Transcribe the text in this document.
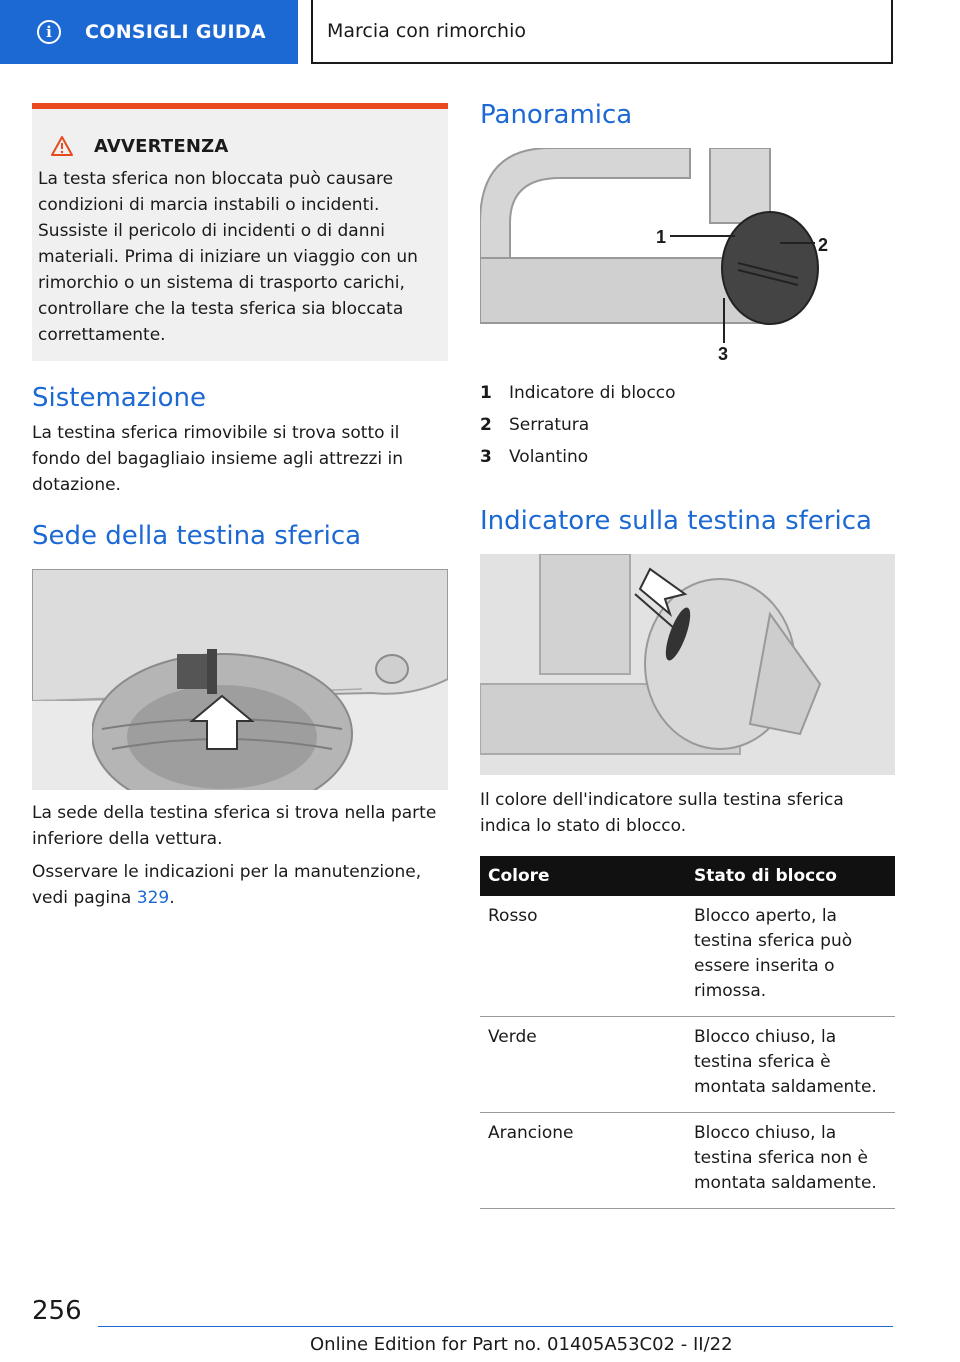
i	CONSIGLI GUIDA	Marcia con rimorchio
AVVERTENZA

La testa sferica non bloccata può causare condizioni di marcia instabili o incidenti. Sussiste il pericolo di incidenti o di danni materiali. Prima di iniziare un viaggio con un rimorchio o un sistema di trasporto carichi, controllare che la testa sferica sia bloccata correttamente.

Sistemazione

La testina sferica rimovibile si trova sotto il fondo del bagagliaio insieme agli attrezzi in dotazione.

Sede della testina sferica

La sede della testina sferica si trova nella parte inferiore della vettura.

Osservare le indicazioni per la manutenzione, vedi pagina 329.

Panoramica
1	2
3
1 Indicatore di blocco
2 Serratura
3 Volantino
Indicatore sulla testina sferica

Il colore dell'indicatore sulla testina sferica indica lo stato di blocco.

Colore	Stato di blocco
Rosso	Blocco aperto, la testina sferica può essere inserita o rimossa.
Verde	Blocco chiuso, la testina sferica è montata saldamente.
Arancione	Blocco chiuso, la testina sferica non è montata saldamente.
256
Online Edition for Part no. 01405A53C02 - II/22
